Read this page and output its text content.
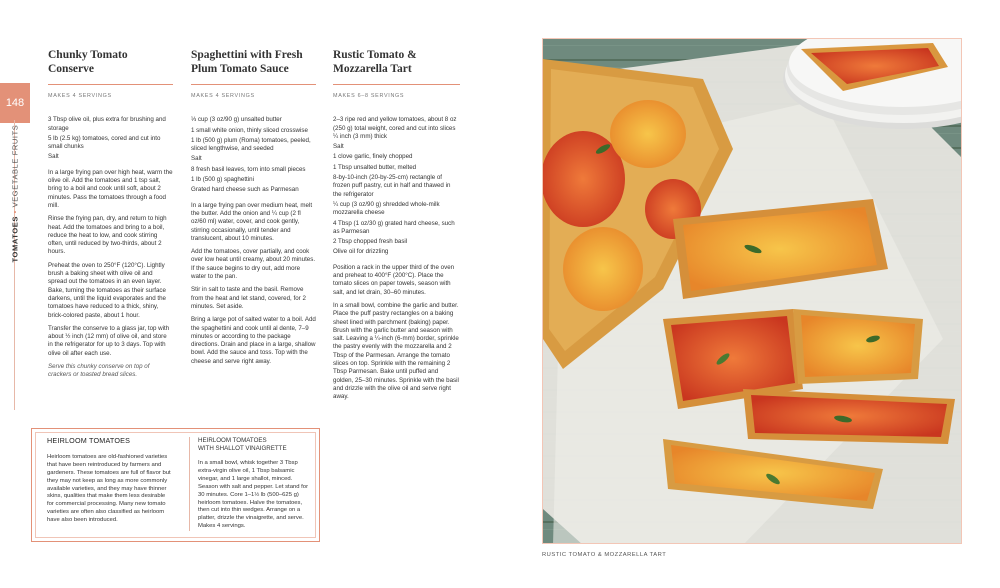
148
TOMATOES • VEGETABLE FRUITS
Chunky Tomato Conserve
MAKES 4 SERVINGS

3 Tbsp olive oil, plus extra for brushing and storage

5 lb (2.5 kg) tomatoes, cored and cut into small chunks

Salt

In a large frying pan over high heat, warm the olive oil. Add the tomatoes and 1 tsp salt, bring to a boil and cook until soft, about 2 minutes. Pass the tomatoes through a food mill.

Rinse the frying pan, dry, and return to high heat. Add the tomatoes and bring to a boil, reduce the heat to low, and cook stirring often, until reduced by two-thirds, about 2 hours.

Preheat the oven to 250°F (120°C). Lightly brush a baking sheet with olive oil and spread out the tomatoes in an even layer. Bake, turning the tomatoes as their surface darkens, until the liquid evaporates and the tomatoes have reduced to a thick, shiny, brick-colored paste, about 1 hour.

Transfer the conserve to a glass jar, top with about ½ inch (12 mm) of olive oil, and store in the refrigerator for up to 3 days. Top with olive oil after each use.

Serve this chunky conserve on top of crackers or toasted bread slices.

Spaghettini with Fresh Plum Tomato Sauce
MAKES 4 SERVINGS

⅓ cup (3 oz/90 g) unsalted butter

1 small white onion, thinly sliced crosswise

1 lb (500 g) plum (Roma) tomatoes, peeled, sliced lengthwise, and seeded

Salt

8 fresh basil leaves, torn into small pieces

1 lb (500 g) spaghettini

Grated hard cheese such as Parmesan

In a large frying pan over medium heat, melt the butter. Add the onion and ¼ cup (2 fl oz/60 ml) water, cover, and cook gently, stirring occasionally, until tender and translucent, about 10 minutes.

Add the tomatoes, cover partially, and cook over low heat until creamy, about 20 minutes. If the sauce begins to dry out, add more water to the pan.

Stir in salt to taste and the basil. Remove from the heat and let stand, covered, for 2 minutes. Set aside.

Bring a large pot of salted water to a boil. Add the spaghettini and cook until al dente, 7–9 minutes or according to the package directions. Drain and place in a large, shallow bowl. Add the sauce and toss. Top with the cheese and serve right away.

Rustic Tomato & Mozzarella Tart
MAKES 6–8 SERVINGS

2–3 ripe red and yellow tomatoes, about 8 oz (250 g) total weight, cored and cut into slices ¼ inch (3 mm) thick

Salt

1 clove garlic, finely chopped

1 Tbsp unsalted butter, melted

8-by-10-inch (20-by-25-cm) rectangle of frozen puff pastry, cut in half and thawed in the refrigerator

¼ cup (3 oz/90 g) shredded whole-milk mozzarella cheese

4 Tbsp (1 oz/30 g) grated hard cheese, such as Parmesan

2 Tbsp chopped fresh basil

Olive oil for drizzling

Position a rack in the upper third of the oven and preheat to 400°F (200°C). Place the tomato slices on paper towels, season with salt, and let drain, 30–60 minutes.

In a small bowl, combine the garlic and butter. Place the puff pastry rectangles on a baking sheet lined with parchment (baking) paper. Brush with the garlic butter and season with salt. Leaving a ¼-inch (6-mm) border, sprinkle the pastry evenly with the mozzarella and 2 Tbsp of the Parmesan. Arrange the tomato slices on top. Sprinkle with the remaining 2 Tbsp Parmesan. Bake until puffed and golden, 25–30 minutes. Sprinkle with the basil and drizzle with the olive oil and serve right away.

HEIRLOOM TOMATOES
Heirloom tomatoes are old-fashioned varieties that have been reintroduced by farmers and gardeners. These tomatoes are full of flavor but they may not keep as long as more commonly available varieties, and they may have thinner skins, qualities that make them less desirable for commercial processing. Many new tomato varieties are often also classified as heirloom have also been introduced.
HEIRLOOM TOMATOES
WITH SHALLOT VINAIGRETTE
In a small bowl, whisk together 3 Tbsp extra-virgin olive oil, 1 Tbsp balsamic vinegar, and 1 large shallot, minced. Season with salt and pepper. Let stand for 30 minutes. Core 1–1½ lb (500–625 g) heirloom tomatoes. Halve the tomatoes, then cut into thin wedges. Arrange on a platter, drizzle the vinaigrette, and serve. Makes 4 servings.
RUSTIC TOMATO & MOZZARELLA TART
